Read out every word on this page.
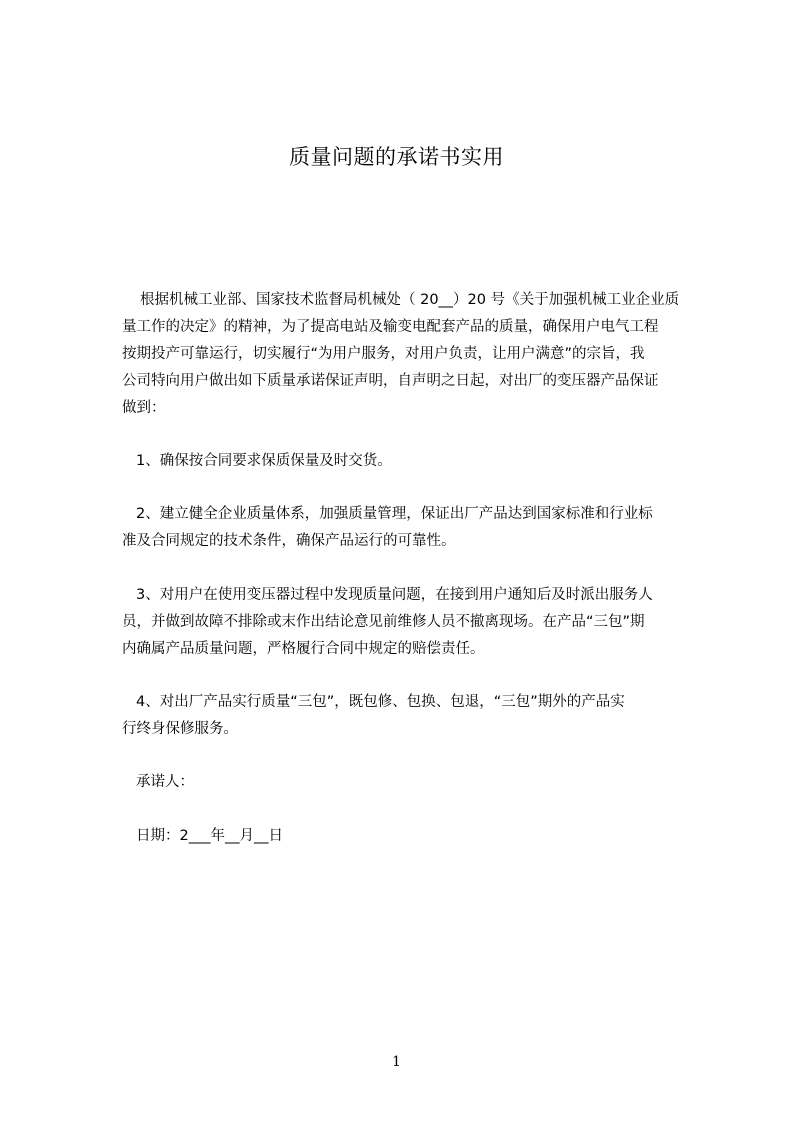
质量问题的承诺书实用
根据机械工业部、国家技术监督局机械处（ 20__）20 号《关于加强机械工业企业质
量工作的决定》的精神，为了提高电站及输变电配套产品的质量，确保用户电气工程
按期投产可靠运行，切实履行“为用户服务，对用户负责，让用户满意”的宗旨，我
公司特向用户做出如下质量承诺保证声明，自声明之日起，对出厂的变压器产品保证
做到：
1、确保按合同要求保质保量及时交货。
2、建立健全企业质量体系，加强质量管理，保证出厂产品达到国家标准和行业标
准及合同规定的技术条件，确保产品运行的可靠性。
3、对用户在使用变压器过程中发现质量问题，在接到用户通知后及时派出服务人
员，并做到故障不排除或末作出结论意见前维修人员不撤离现场。在产品“三包”期
内确属产品质量问题，严格履行合同中规定的赔偿责任。
4、对出厂产品实行质量“三包”，既包修、包换、包退，“三包”期外的产品实
行终身保修服务。
承诺人：
日期：2___年__月__日
1
